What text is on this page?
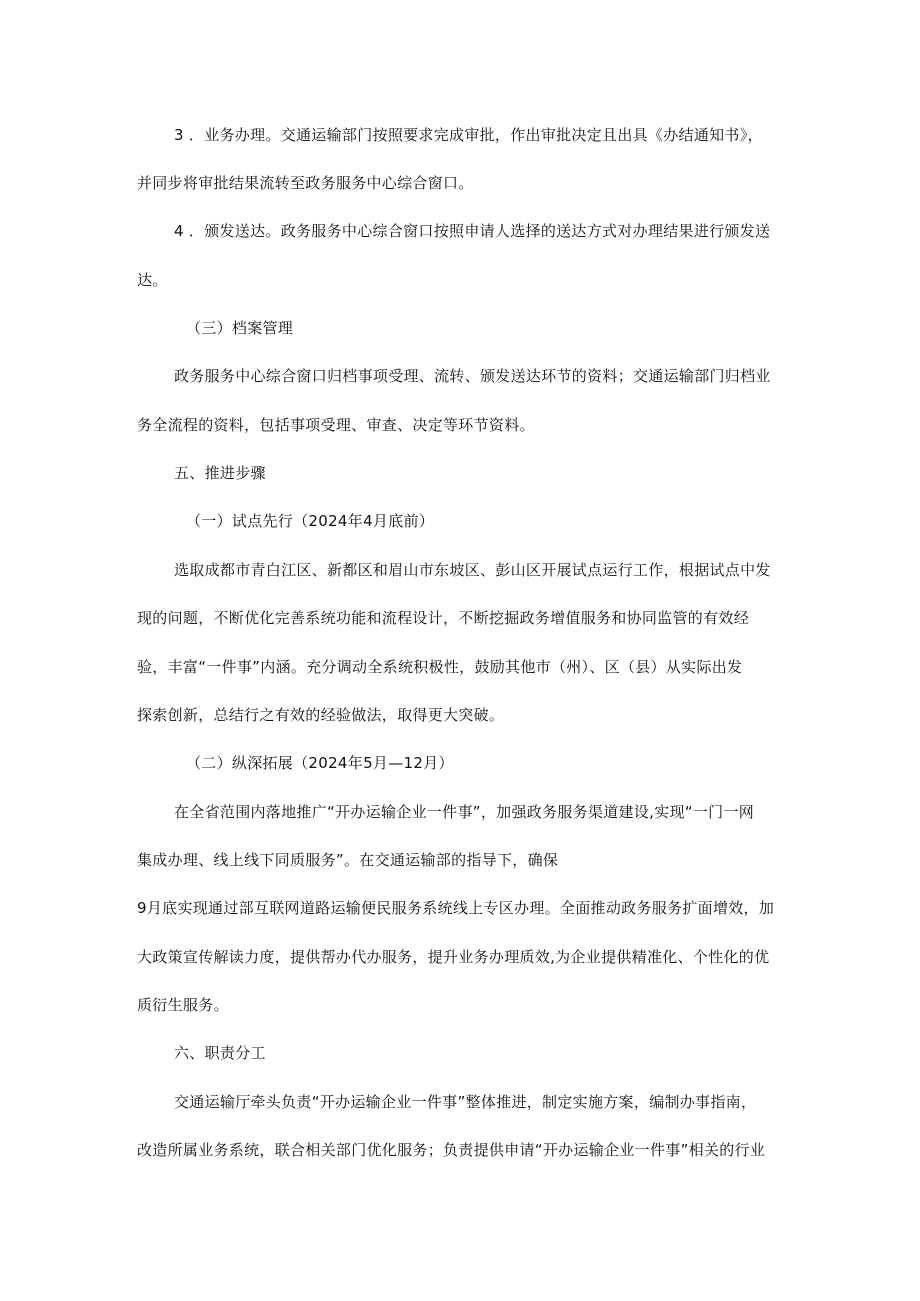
3 ．业务办理。交通运输部门按照要求完成审批，作出审批决定且出具《办结通知书》，
并同步将审批结果流转至政务服务中心综合窗口。
4 ．颁发送达。政务服务中心综合窗口按照申请人选择的送达方式对办理结果进行颁发送
达。
（三）档案管理
政务服务中心综合窗口归档事项受理、流转、颁发送达环节的资料；交通运输部门归档业
务全流程的资料，包括事项受理、审查、决定等环节资料。
五、推进步骤
（一）试点先行（2024年4月底前）
选取成都市青白江区、新都区和眉山市东坡区、彭山区开展试点运行工作，根据试点中发
现的问题，不断优化完善系统功能和流程设计，不断挖掘政务增值服务和协同监管的有效经
验，丰富“一件事”内涵。充分调动全系统积极性，鼓励其他市（州）、区（县）从实际出发
探索创新，总结行之有效的经验做法，取得更大突破。
（二）纵深拓展（2024年5月—12月）
在全省范围内落地推广“开办运输企业一件事”，加强政务服务渠道建设,实现“一门一网
集成办理、线上线下同质服务”。在交通运输部的指导下，确保
9月底实现通过部互联网道路运输便民服务系统线上专区办理。全面推动政务服务扩面增效，加
大政策宣传解读力度，提供帮办代办服务，提升业务办理质效,为企业提供精准化、个性化的优
质衍生服务。
六、职责分工
交通运输厅牵头负责“开办运输企业一件事”整体推进，制定实施方案，编制办事指南，
改造所属业务系统，联合相关部门优化服务；负责提供申请“开办运输企业一件事”相关的行业
